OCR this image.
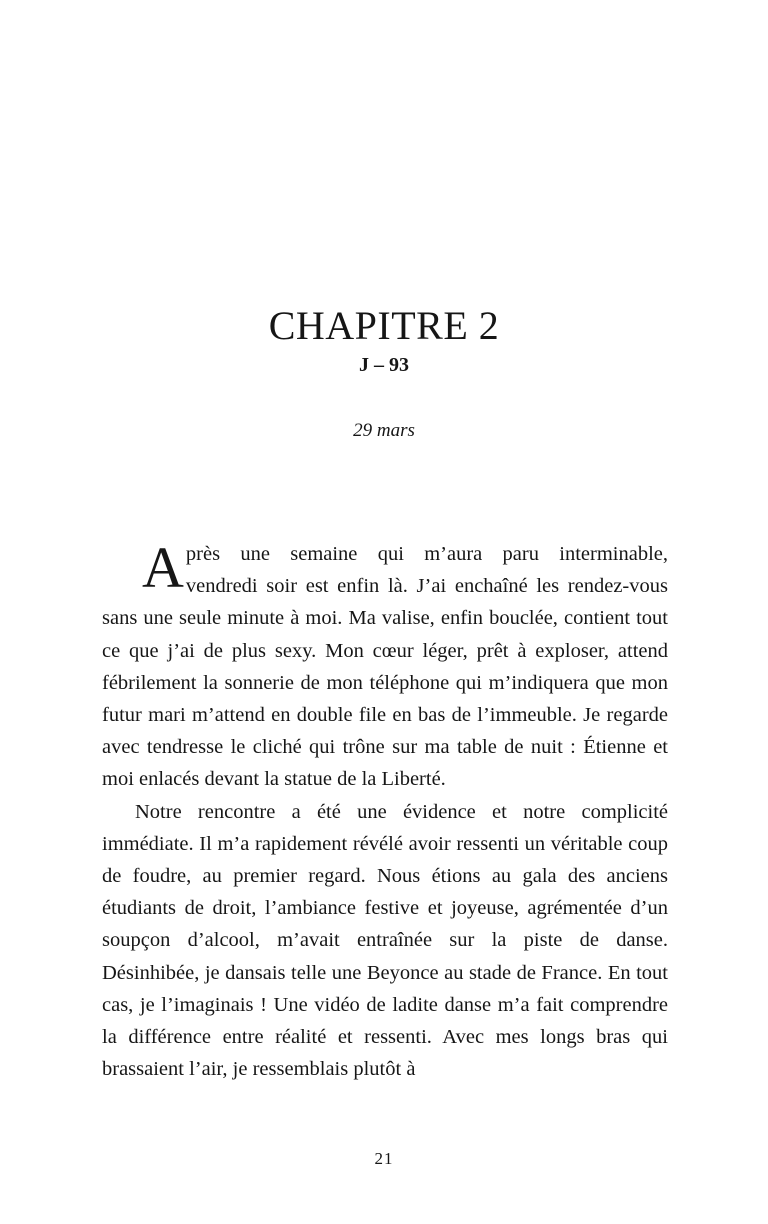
CHAPITRE 2
J – 93
29 mars

A près une semaine qui m’aura paru interminable,
vendredi soir est enfin là. J’ai enchaîné les rendez-vous sans une seule minute à moi. Ma valise, enfin bouclée, contient tout ce que j’ai de plus sexy. Mon cœur léger, prêt à exploser, attend fébrilement la sonnerie de mon téléphone qui m’indiquera que mon futur mari m’attend en double file en bas de l’immeuble. Je regarde avec tendresse le cliché qui trône sur ma table de nuit : Étienne et moi enlacés devant la statue de la Liberté.

Notre rencontre a été une évidence et notre complicité immédiate. Il m’a rapidement révélé avoir ressenti un véritable coup de foudre, au premier regard. Nous étions au gala des anciens étudiants de droit, l’ambiance festive et joyeuse, agrémentée d’un soupçon d’alcool, m’avait entraînée sur la piste de danse. Désinhibée, je dansais telle une Beyonce au stade de France. En tout cas, je l’imaginais ! Une vidéo de ladite danse m’a fait comprendre la différence entre réalité et ressenti. Avec mes longs bras qui brassaient l’air, je ressemblais plutôt à

21
